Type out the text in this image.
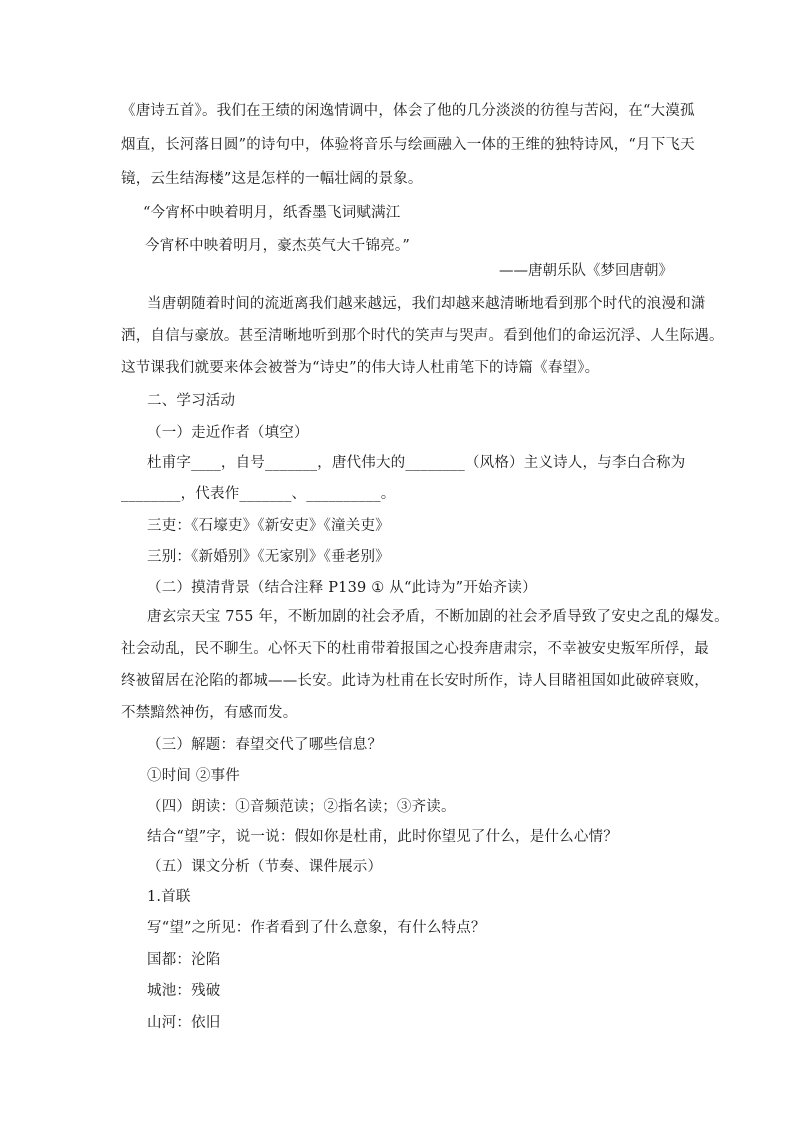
《唐诗五首》。我们在王绩的闲逸情调中，体会了他的几分淡淡的彷徨与苦闷，在“大漠孤
烟直，长河落日圆”的诗句中，体验将音乐与绘画融入一体的王维的独特诗风，“月下飞天
镜，云生结海楼”这是怎样的一幅壮阔的景象。
“今宵杯中映着明月，纸香墨飞词赋满江
今宵杯中映着明月，豪杰英气大千锦亮。”
——唐朝乐队《梦回唐朝》
当唐朝随着时间的流逝离我们越来越远，我们却越来越清晰地看到那个时代的浪漫和潇
洒，自信与豪放。甚至清晰地听到那个时代的笑声与哭声。看到他们的命运沉浮、人生际遇。
这节课我们就要来体会被誉为“诗史”的伟大诗人杜甫笔下的诗篇《春望》。
二、学习活动
（一）走近作者（填空）
杜甫字____，自号_______，唐代伟大的________（风格）主义诗人，与李白合称为
________，代表作_______、__________。
三吏：《石壕吏》《新安吏》《潼关吏》
三别：《新婚别》《无家别》《垂老别》
（二）摸清背景（结合注释 P139 ① 从“此诗为”开始齐读）
唐玄宗天宝 755 年，不断加剧的社会矛盾，不断加剧的社会矛盾导致了安史之乱的爆发。
社会动乱，民不聊生。心怀天下的杜甫带着报国之心投奔唐肃宗，不幸被安史叛军所俘，最
终被留居在沦陷的都城——长安。此诗为杜甫在长安时所作，诗人目睹祖国如此破碎衰败，
不禁黯然神伤，有感而发。
（三）解题：春望交代了哪些信息？
①时间 ②事件
（四）朗读：①音频范读；②指名读；③齐读。
结合“望”字，说一说：假如你是杜甫，此时你望见了什么，是什么心情？
（五）课文分析（节奏、课件展示）
1.首联
写“望”之所见：作者看到了什么意象，有什么特点？
国都：沦陷
城池：残破
山河：依旧
